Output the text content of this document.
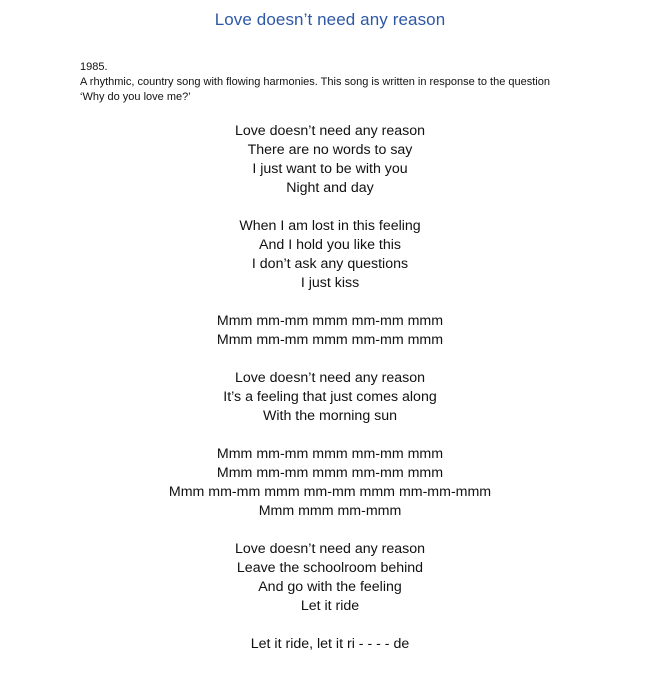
Love doesn’t need any reason
1985.
A rhythmic, country song with flowing harmonies. This song is written in response to the question
‘Why do you love me?’
Love doesn’t need any reason
There are no words to say
I just want to be with you
Night and day
When I am lost in this feeling
And I hold you like this
I don’t ask any questions
I just kiss
Mmm mm-mm mmm mm-mm mmm
Mmm mm-mm mmm mm-mm mmm
Love doesn’t need any reason
It’s a feeling that just comes along
With the morning sun
Mmm mm-mm mmm mm-mm mmm
Mmm mm-mm mmm mm-mm mmm
Mmm mm-mm mmm mm-mm mmm mm-mm-mmm
Mmm mmm mm-mmm
Love doesn’t need any reason
Leave the schoolroom behind
And go with the feeling
Let it ride
Let it ride, let it ri - - - - de
